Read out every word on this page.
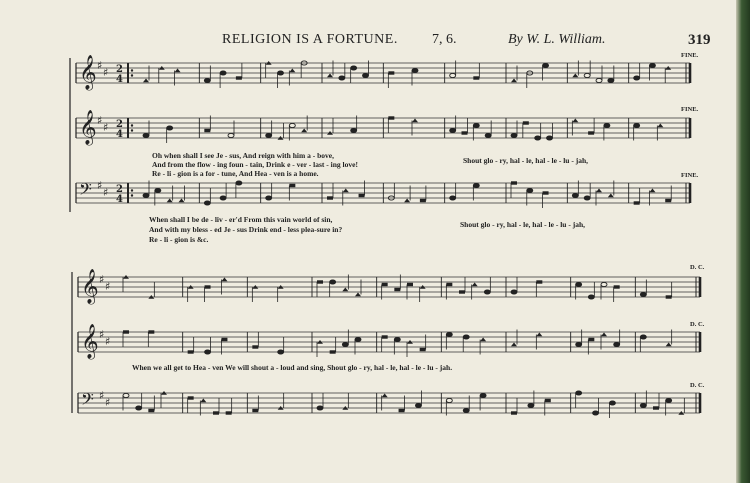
RELIGION IS A FORTUNE. 7, 6.	By W. L. William.	319
𝄞 ♯
♯ 2
4
𝄞 ♯
♯ 2
4
𝄢 ♯
♯ 2
4
𝄞 ♯
♯
𝄞 ♯
♯
𝄢 ♯
♯
FINE.
FINE.
FINE.
D. C.
D. C.
D. C.
Oh when shall I see Je - sus, And reign with him a - bove,
And from the flow - ing foun - tain, Drink e - ver - last - ing love!
Re - li - gion is a for - tune, And Hea - ven is a home.
Shout glo - ry, hal - le, hal - le - lu - jah,
When shall I be de - liv - er'd From this vain world of sin,
And with my bless - ed Je - sus Drink end - less plea-sure in?
Re - li - gion is &c.
Shout glo - ry, hal - le, hal - le - lu - jah,
When we all get to Hea - ven We will shout a - loud and sing, Shout glo - ry, hal - le, hal - le - lu - jah.
